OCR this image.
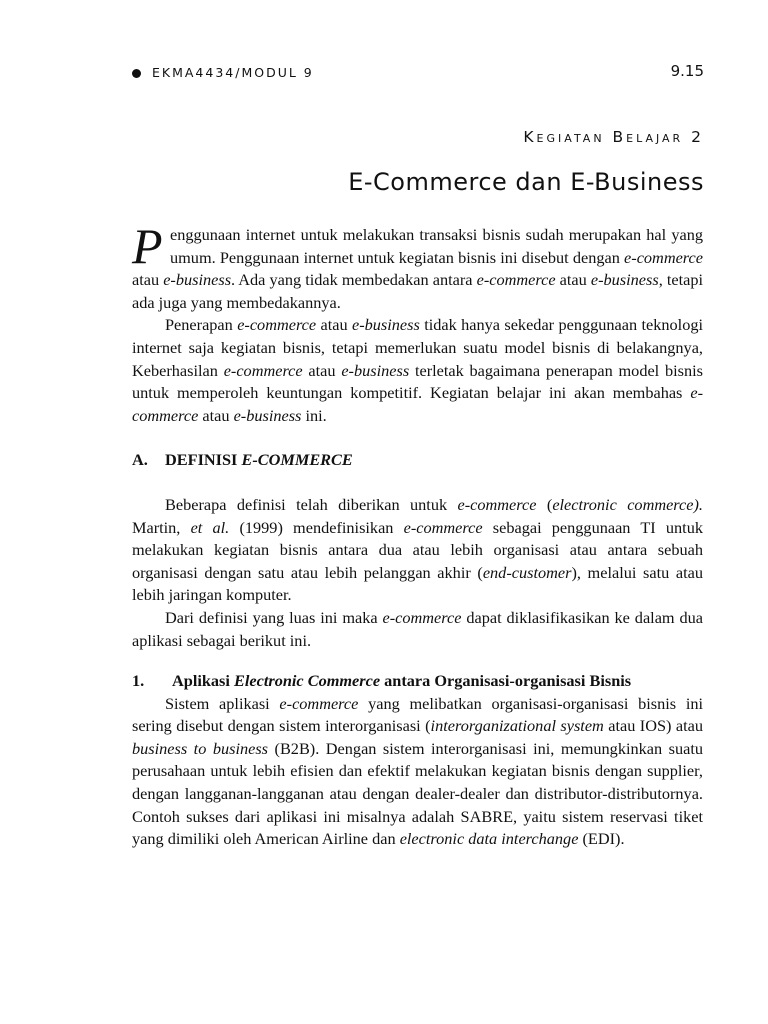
EKMA4434/MODUL 9	9.15
Kegiatan Belajar 2
E-Commerce dan E-Business

Penggunaan internet untuk melakukan transaksi bisnis sudah merupakan hal yang umum. Penggunaan internet untuk kegiatan bisnis ini disebut dengan e-commerce atau e-business. Ada yang tidak membedakan antara e-commerce atau e-business, tetapi ada juga yang membedakannya.

Penerapan e-commerce atau e-business tidak hanya sekedar penggunaan teknologi internet saja kegiatan bisnis, tetapi memerlukan suatu model bisnis di belakangnya, Keberhasilan e-commerce atau e-business terletak bagaimana penerapan model bisnis untuk memperoleh keuntungan kompetitif. Kegiatan belajar ini akan membahas e-commerce atau e-business ini.

A. DEFINISI E-COMMERCE

Beberapa definisi telah diberikan untuk e-commerce (electronic commerce). Martin, et al. (1999) mendefinisikan e-commerce sebagai penggunaan TI untuk melakukan kegiatan bisnis antara dua atau lebih organisasi atau antara sebuah organisasi dengan satu atau lebih pelanggan akhir (end-customer), melalui satu atau lebih jaringan komputer.

Dari definisi yang luas ini maka e-commerce dapat diklasifikasikan ke dalam dua aplikasi sebagai berikut ini.

1. Aplikasi Electronic Commerce antara Organisasi-organisasi Bisnis

Sistem aplikasi e-commerce yang melibatkan organisasi-organisasi bisnis ini sering disebut dengan sistem interorganisasi (interorganizational system atau IOS) atau business to business (B2B). Dengan sistem interorganisasi ini, memungkinkan suatu perusahaan untuk lebih efisien dan efektif melakukan kegiatan bisnis dengan supplier, dengan langganan-langganan atau dengan dealer-dealer dan distributor-distributornya. Contoh sukses dari aplikasi ini misalnya adalah SABRE, yaitu sistem reservasi tiket yang dimiliki oleh American Airline dan electronic data interchange (EDI).
